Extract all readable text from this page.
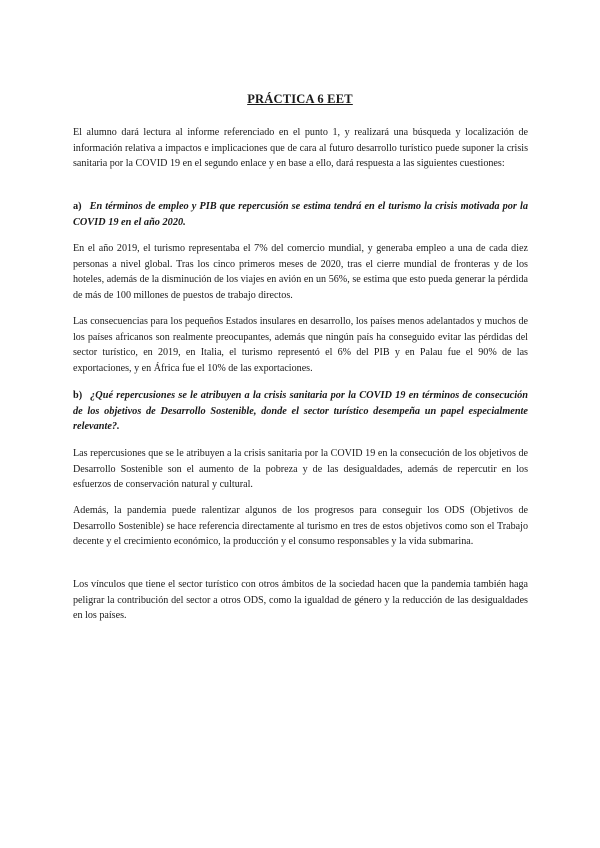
PRÁCTICA 6 EET

El alumno dará lectura al informe referenciado en el punto 1, y realizará una búsqueda y localización de información relativa a impactos e implicaciones que de cara al futuro desarrollo turístico puede suponer la crisis sanitaria por la COVID 19 en el segundo enlace y en base a ello, dará respuesta a las siguientes cuestiones:

a) En términos de empleo y PIB que repercusión se estima tendrá en el turismo la crisis motivada por la COVID 19 en el año 2020.

En el año 2019, el turismo representaba el 7% del comercio mundial, y generaba empleo a una de cada diez personas a nivel global. Tras los cinco primeros meses de 2020, tras el cierre mundial de fronteras y de los hoteles, además de la disminución de los viajes en avión en un 56%, se estima que esto pueda generar la pérdida de más de 100 millones de puestos de trabajo directos.

Las consecuencias para los pequeños Estados insulares en desarrollo, los países menos adelantados y muchos de los países africanos son realmente preocupantes, además que ningún país ha conseguido evitar las pérdidas del sector turístico, en 2019, en Italia, el turismo representó el 6% del PIB y en Palau fue el 90% de las exportaciones, y en África fue el 10% de las exportaciones.

b) ¿Qué repercusiones se le atribuyen a la crisis sanitaria por la COVID 19 en términos de consecución de los objetivos de Desarrollo Sostenible, donde el sector turístico desempeña un papel especialmente relevante?.

Las repercusiones que se le atribuyen a la crisis sanitaria por la COVID 19 en la consecución de los objetivos de Desarrollo Sostenible son el aumento de la pobreza y de las desigualdades, además de repercutir en los esfuerzos de conservación natural y cultural.

Además, la pandemia puede ralentizar algunos de los progresos para conseguir los ODS (Objetivos de Desarrollo Sostenible) se hace referencia directamente al turismo en tres de estos objetivos como son el Trabajo decente y el crecimiento económico, la producción y el consumo responsables y la vida submarina.

Los vínculos que tiene el sector turístico con otros ámbitos de la sociedad hacen que la pandemia también haga peligrar la contribución del sector a otros ODS, como la igualdad de género y la reducción de las desigualdades en los países.
